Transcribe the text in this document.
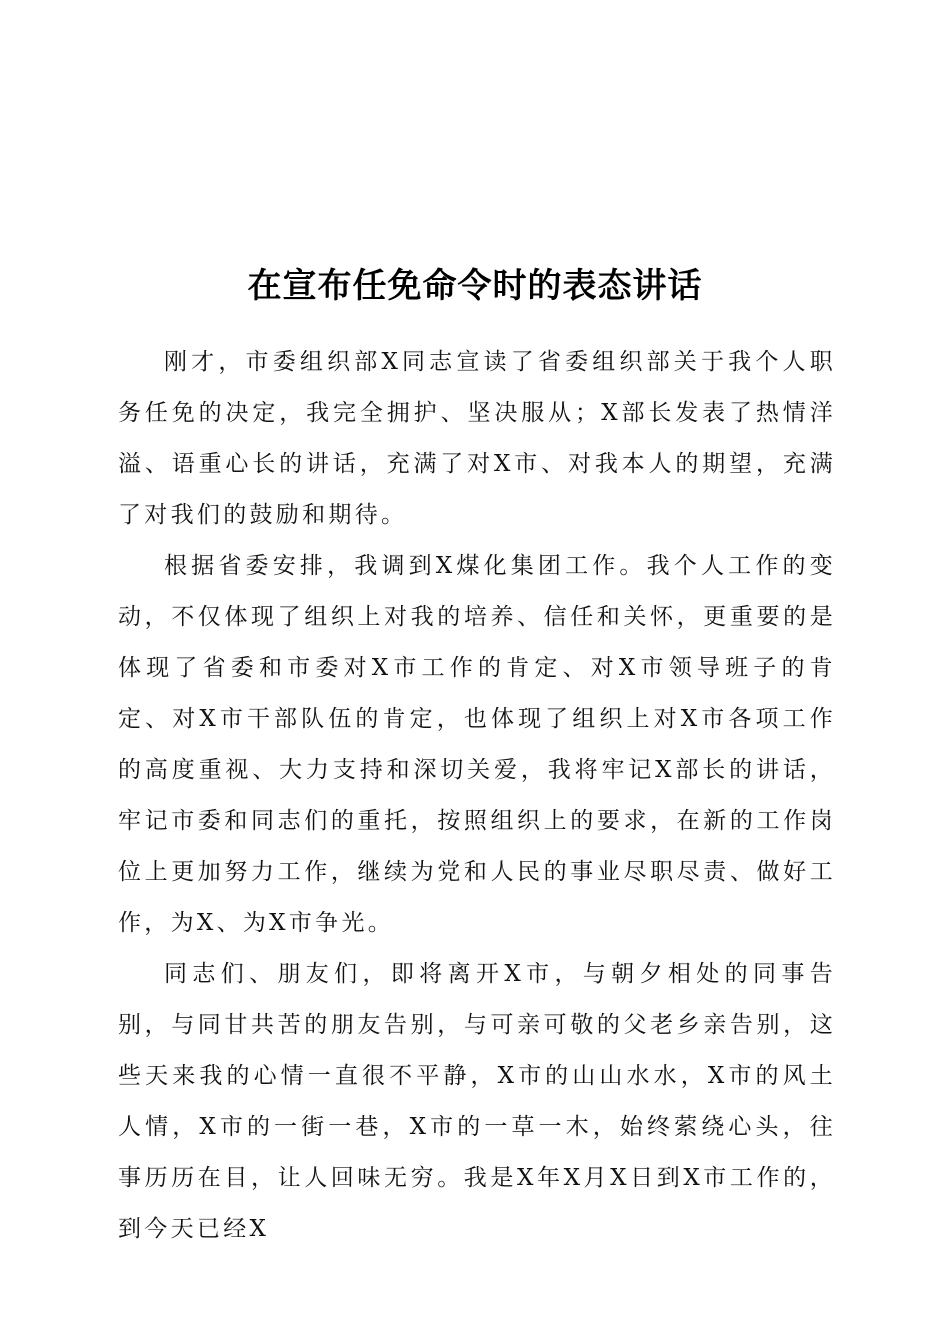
在宣布任免命令时的表态讲话

刚才，市委组织部X同志宣读了省委组织部关于我个人职务任免的决定，我完全拥护、坚决服从；X部长发表了热情洋溢、语重心长的讲话，充满了对X市、对我本人的期望，充满了对我们的鼓励和期待。

根据省委安排，我调到X煤化集团工作。我个人工作的变动，不仅体现了组织上对我的培养、信任和关怀，更重要的是体现了省委和市委对X市工作的肯定、对X市领导班子的肯定、对X市干部队伍的肯定，也体现了组织上对X市各项工作的高度重视、大力支持和深切关爱，我将牢记X部长的讲话，牢记市委和同志们的重托，按照组织上的要求，在新的工作岗位上更加努力工作，继续为党和人民的事业尽职尽责、做好工作，为X、为X市争光。

同志们、朋友们，即将离开X市，与朝夕相处的同事告别，与同甘共苦的朋友告别，与可亲可敬的父老乡亲告别，这些天来我的心情一直很不平静，X市的山山水水，X市的风土人情，X市的一街一巷，X市的一草一木，始终萦绕心头，往事历历在目，让人回味无穷。我是X年X月X日到X市工作的，到今天已经X
